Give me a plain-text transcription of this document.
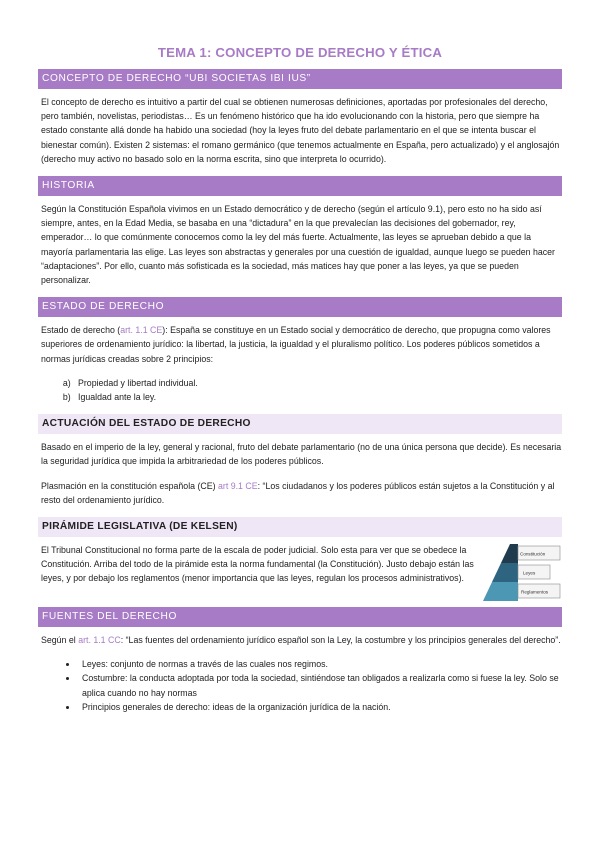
TEMA 1: CONCEPTO DE DERECHO Y ÉTICA
CONCEPTO DE DERECHO “UBI SOCIETAS IBI IUS”

El concepto de derecho es intuitivo a partir del cual se obtienen numerosas definiciones, aportadas por profesionales del derecho, pero también, novelistas, periodistas… Es un fenómeno histórico que ha ido evolucionando con la historia, pero que siempre ha estado constante allá donde ha habido una sociedad (hoy la leyes fruto del debate parlamentario en el que se intenta buscar el bienestar común). Existen 2 sistemas: el romano germánico (que tenemos actualmente en España, pero actualizado) y el anglosajón (derecho muy activo no basado solo en la norma escrita, sino que interpreta lo ocurrido).

HISTORIA

Según la Constitución Española vivimos en un Estado democrático y de derecho (según el artículo 9.1), pero esto no ha sido así siempre, antes, en la Edad Media, se basaba en una “dictadura” en la que prevalecían las decisiones del gobernador, rey, emperador… lo que comúnmente conocemos como la ley del más fuerte. Actualmente, las leyes se aprueban debido a que la mayoría parlamentaria las elige. Las leyes son abstractas y generales por una cuestión de igualdad, aunque luego se pueden hacer “adaptaciones”. Por ello, cuanto más sofisticada es la sociedad, más matices hay que poner a las leyes, ya que se pueden personalizar.

ESTADO DE DERECHO

Estado de derecho (art. 1.1 CE): España se constituye en un Estado social y democrático de derecho, que propugna como valores superiores de ordenamiento jurídico: la libertad, la justicia, la igualdad y el pluralismo político. Los poderes públicos sometidos a normas jurídicas creadas sobre 2 principios:

a. Propiedad y libertad individual.
b. Igualdad ante la ley.
ACTUACIÓN DEL ESTADO DE DERECHO

Basado en el imperio de la ley, general y racional, fruto del debate parlamentario (no de una única persona que decide). Es necesaria la seguridad jurídica que impida la arbitrariedad de los poderes públicos.

Plasmación en la constitución española (CE) art 9.1 CE: “Los ciudadanos y los poderes públicos están sujetos a la Constitución y al resto del ordenamiento jurídico.

PIRÁMIDE LEGISLATIVA (DE KELSEN)

El Tribunal Constitucional no forma parte de la escala de poder judicial. Solo esta para ver que se obedece la Constitución. Arriba del todo de la pirámide esta la norma fundamental (la Constitución). Justo debajo están las leyes, y por debajo los reglamentos (menor importancia que las leyes, regulan los procesos administrativos).

Constitución
Leyes
Reglamentos
FUENTES DEL DERECHO

Según el art. 1.1 CC: “Las fuentes del ordenamiento jurídico español son la Ley, la costumbre y los principios generales del derecho”.

• Leyes: conjunto de normas a través de las cuales nos regimos.
• Costumbre: la conducta adoptada por toda la sociedad, sintiéndose tan obligados a realizarla como si fuese la ley. Solo se aplica cuando no hay normas
• Principios generales de derecho: ideas de la organización jurídica de la nación.
